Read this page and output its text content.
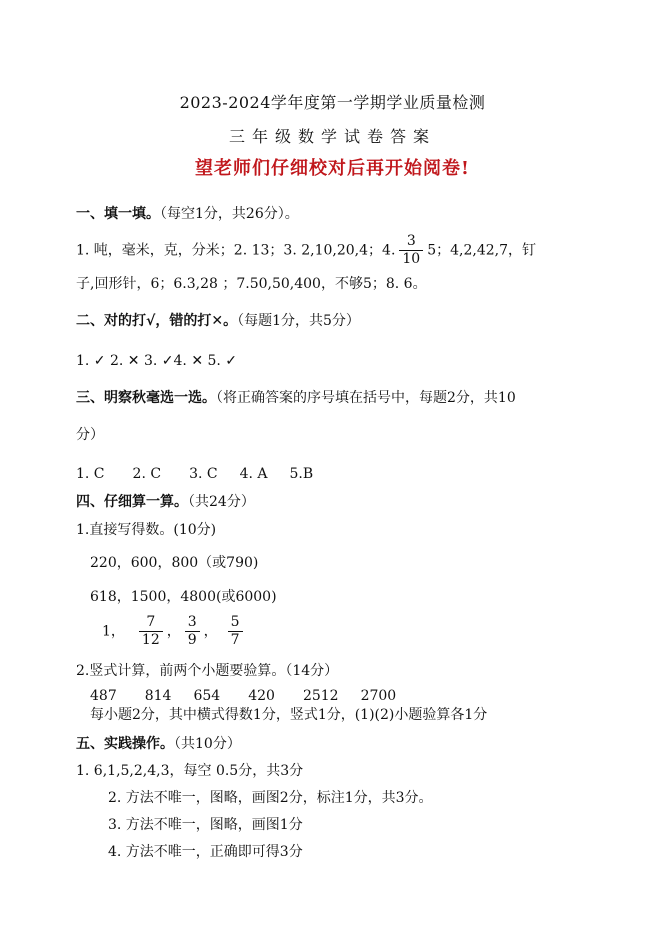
2023-2024学年度第一学期学业质量检测
三年级数学试卷答案
望老师们仔细校对后再开始阅卷!
一、填一填。（每空1分，共26分）。
1. 吨，毫米，克，分米；2. 13；3. 2,10,20,4；4. $\frac{3}{10} 5$；4,2,42,7，钉
子,回形针，6；6.3,28 ；7.50,50,400，不够5；8. 6。
二、对的打√，错的打✕。（每题1分，共5分）
1. ✓ 2. ✕ 3. ✓4. ✕ 5. ✓
三、明察秋毫选一选。（将正确答案的序号填在括号中，每题2分，共10
分）
1. C 2. C 3. C 4. A 5.B
四、仔细算一算。（共24分）
1.直接写得数。(10分)
220，600，800（或790)
618，1500，4800(或6000)
1， $\frac{7}{12}$ ， $\frac{3}{9}$ ， $\frac{5}{7}$
2.竖式计算，前两个小题要验算。（14分）
487 814 654 420 2512 2700
每小题2分，其中横式得数1分，竖式1分，(1)(2)小题验算各1分
五、实践操作。（共10分）
1. 6,1,5,2,4,3，每空 0.5分，共3分
2. 方法不唯一，图略，画图2分，标注1分，共3分。
3. 方法不唯一，图略，画图1分
4. 方法不唯一，正确即可得3分
